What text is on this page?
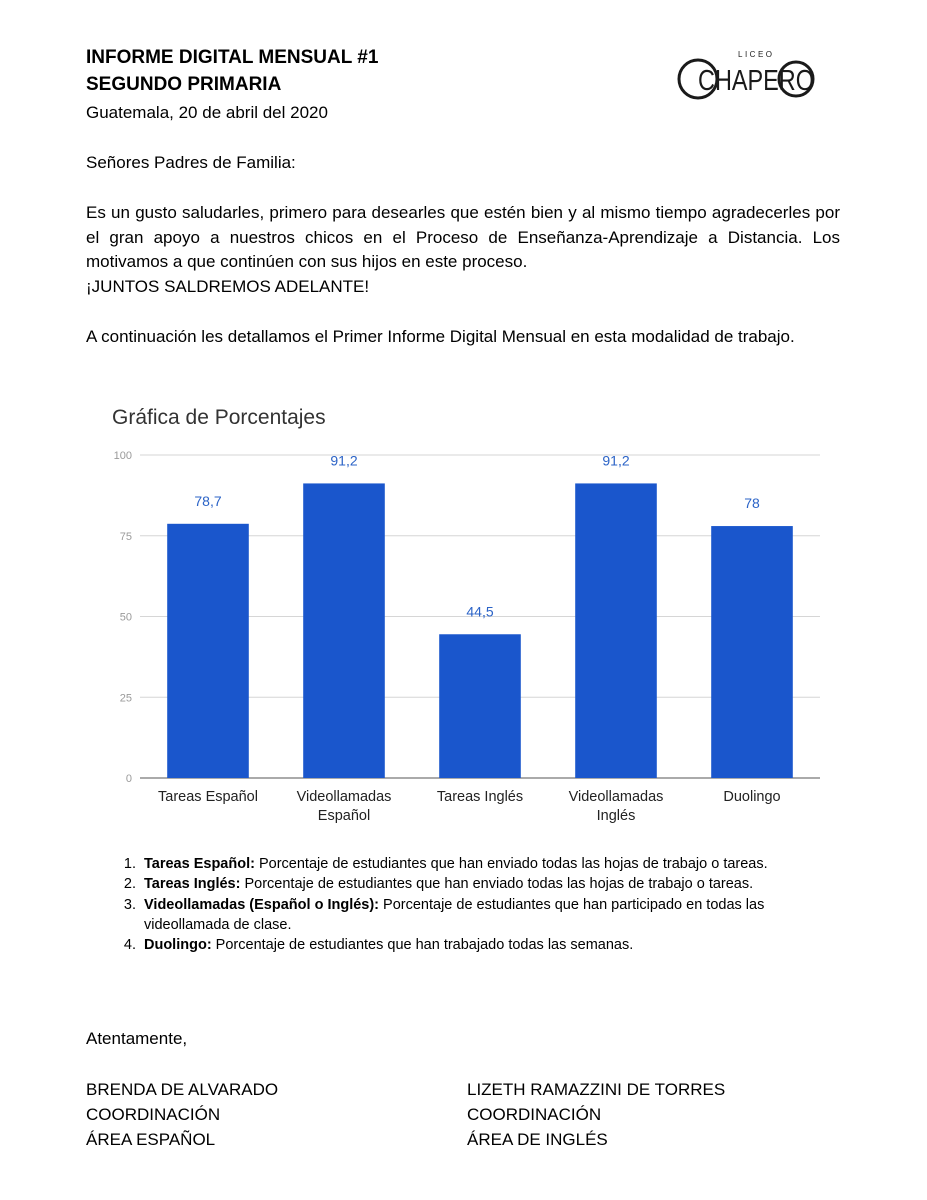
INFORME DIGITAL MENSUAL #1
SEGUNDO PRIMARIA
Guatemala, 20 de abril del 2020
LICEO
CHAPERO
Señores Padres de Familia:
Es un gusto saludarles, primero para desearles que estén bien y al mismo tiempo agradecerles por el gran apoyo a nuestros chicos en el Proceso de Enseñanza-Aprendizaje a Distancia. Los motivamos a que continúen con sus hijos en este proceso.
¡JUNTOS SALDREMOS ADELANTE!
A continuación les detallamos el Primer Informe Digital Mensual en esta modalidad de trabajo.
Gráfica de Porcentajes
0
25
50
75
100
78,7
91,2
44,5
91,2
78
Tareas Español	Videollamadas
Español
Tareas Inglés	Videollamadas
Inglés
Duolingo
1. Tareas Español: Porcentaje de estudiantes que han enviado todas las hojas de trabajo o tareas.
2. Tareas Inglés: Porcentaje de estudiantes que han enviado todas las hojas de trabajo o tareas.
3. Videollamadas (Español o Inglés): Porcentaje de estudiantes que han participado en todas las videollamada de clase.
4. Duolingo: Porcentaje de estudiantes que han trabajado todas las semanas.
Atentamente,
BRENDA DE ALVARADO
COORDINACIÓN
ÁREA ESPAÑOL
LIZETH RAMAZZINI DE TORRES
COORDINACIÓN
ÁREA DE INGLÉS
